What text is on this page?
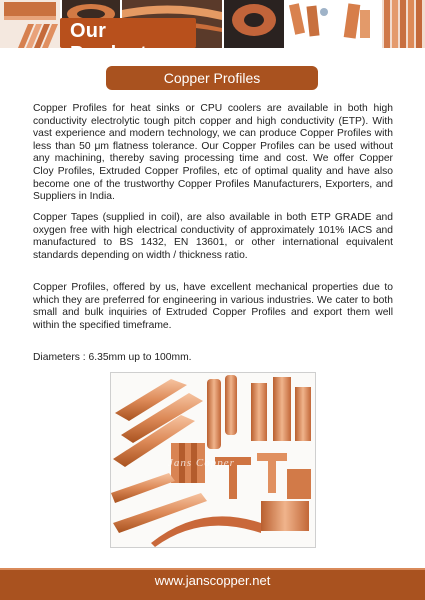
Our Products
Copper Profiles

Copper Profiles for heat sinks or CPU coolers are available in both high conductivity electrolytic tough pitch copper and high conductivity (ETP). With vast experience and modern technology, we can produce Copper Profiles with less than 50 μm flatness tolerance. Our Copper Profiles can be used without any machining, thereby saving processing time and cost. We offer Copper Cloy Profiles, Extruded Copper Profiles, etc of optimal quality and have also become one of the trustworthy Copper Profiles Manufacturers, Exporters, and Suppliers in India.

Copper Tapes (supplied in coil), are also available in both ETP GRADE and oxygen free with high electrical conductivity of approximately 101% IACS and manufactured to BS 1432, EN 13601, or other international equivalent standards depending on width / thickness ratio.

Copper Profiles, offered by us, have excellent mechanical properties due to which they are preferred for engineering in various industries. We cater to both small and bulk inquiries of Extruded Copper Profiles and export them well within the specified timeframe.

Diameters : 6.35mm up to 100mm.

Jans Copper
www.janscopper.net
